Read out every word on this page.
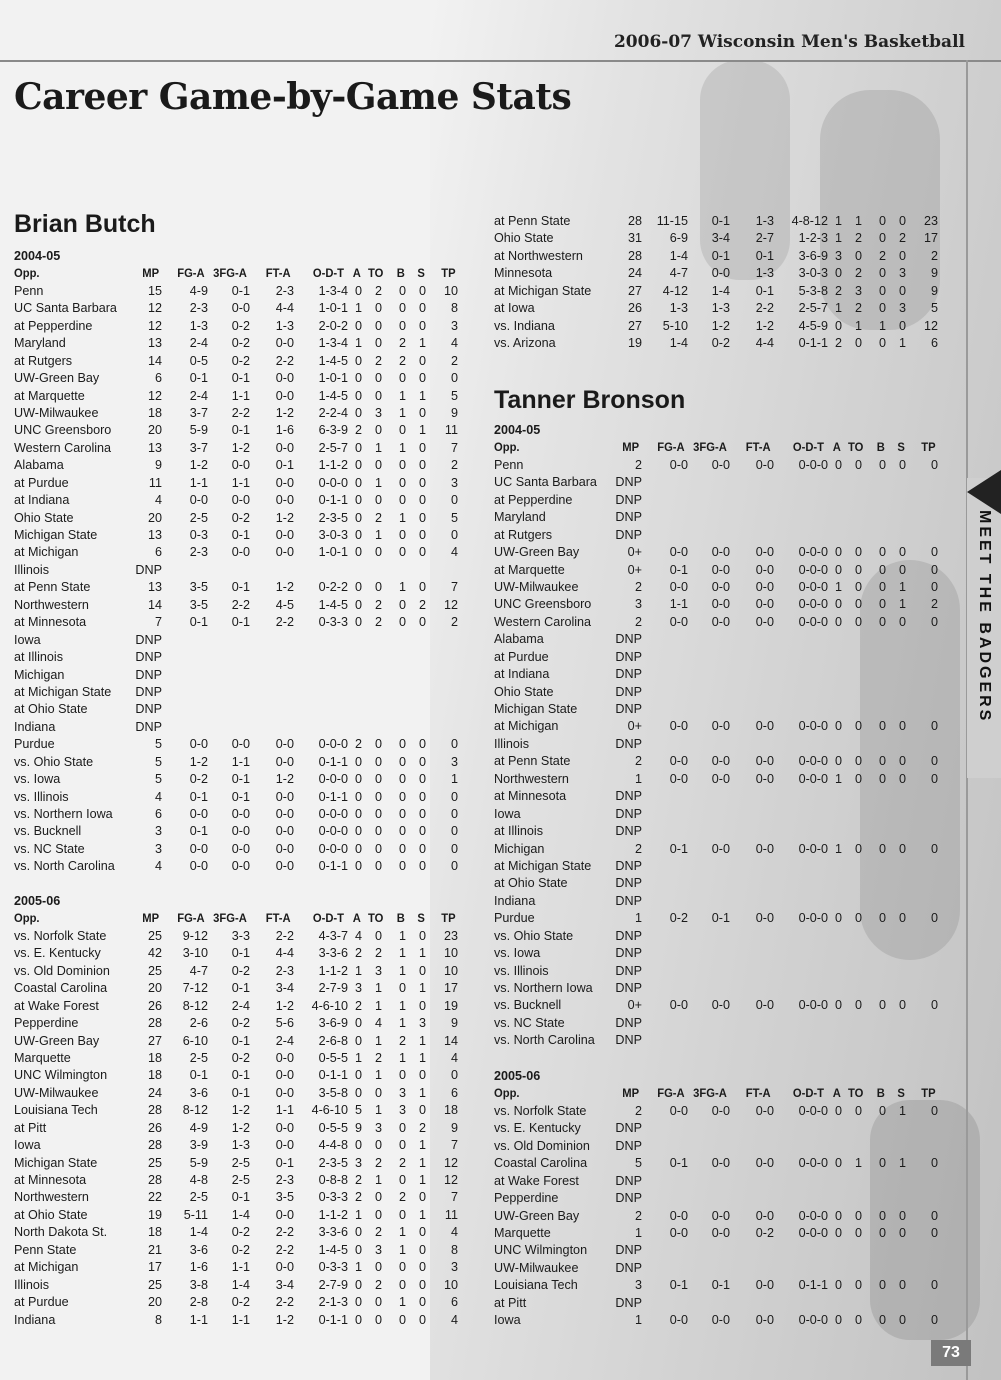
2006-07 Wisconsin Men's Basketball
Career Game-by-Game Stats
Brian Butch
Tanner Bronson
2004-05
Opp.	MP	FG-A 3FG-A	FT-A	O-D-T A TO	B	S	TP
Penn	15	4-9	0-1	2-3	1-3-4 0	2	0	0	10
UC Santa Barbara	12	2-3	0-0	4-4	1-0-1 1	0	0	0	8
at Pepperdine	12	1-3	0-2	1-3	2-0-2 0	0	0	0	3
Maryland	13	2-4	0-2	0-0	1-3-4 1	0	2	1	4
at Rutgers	14	0-5	0-2	2-2	1-4-5 0	2	2	0	2
UW-Green Bay	6	0-1	0-1	0-0	1-0-1 0	0	0	0	0
at Marquette	12	2-4	1-1	0-0	1-4-5 0	0	1	1	5
UW-Milwaukee	18	3-7	2-2	1-2	2-2-4 0	3	1	0	9
UNC Greensboro	20	5-9	0-1	1-6	6-3-9 2	0	0	1	11
Western Carolina	13	3-7	1-2	0-0	2-5-7 0	1	1	0	7
Alabama	9	1-2	0-0	0-1	1-1-2 0	0	0	0	2
at Purdue	11	1-1	1-1	0-0	0-0-0 0	1	0	0	3
at Indiana	4	0-0	0-0	0-0	0-1-1 0	0	0	0	0
Ohio State	20	2-5	0-2	1-2	2-3-5 0	2	1	0	5
Michigan State	13	0-3	0-1	0-0	3-0-3 0	1	0	0	0
at Michigan	6	2-3	0-0	0-0	1-0-1 0	0	0	0	4
Illinois	DNP
at Penn State	13	3-5	0-1	1-2	0-2-2 0	0	1	0	7
Northwestern	14	3-5	2-2	4-5	1-4-5 0	2	0	2	12
at Minnesota	7	0-1	0-1	2-2	0-3-3 0	2	0	0	2
Iowa	DNP
at Illinois	DNP
Michigan	DNP
at Michigan State	DNP
at Ohio State	DNP
Indiana	DNP
Purdue	5	0-0	0-0	0-0	0-0-0 2	0	0	0	0
vs. Ohio State	5	1-2	1-1	0-0	0-1-1 0	0	0	0	3
vs. Iowa	5	0-2	0-1	1-2	0-0-0 0	0	0	0	1
vs. Illinois	4	0-1	0-1	0-0	0-1-1 0	0	0	0	0
vs. Northern Iowa	6	0-0	0-0	0-0	0-0-0 0	0	0	0	0
vs. Bucknell	3	0-1	0-0	0-0	0-0-0 0	0	0	0	0
vs. NC State	3	0-0	0-0	0-0	0-0-0 0	0	0	0	0
vs. North Carolina	4	0-0	0-0	0-0	0-1-1 0	0	0	0	0
2005-06
Opp.	MP	FG-A 3FG-A	FT-A	O-D-T A TO	B	S	TP
vs. Norfolk State	25	9-12	3-3	2-2	4-3-7 4	0	1	0	23
vs. E. Kentucky	42	3-10	0-1	4-4	3-3-6 2	2	1	1	10
vs. Old Dominion	25	4-7	0-2	2-3	1-1-2 1	3	1	0	10
Coastal Carolina	20	7-12	0-1	3-4	2-7-9 3	1	0	1	17
at Wake Forest	26	8-12	2-4	1-2	4-6-10 2	1	1	0	19
Pepperdine	28	2-6	0-2	5-6	3-6-9 0	4	1	3	9
UW-Green Bay	27	6-10	0-1	2-4	2-6-8 0	1	2	1	14
Marquette	18	2-5	0-2	0-0	0-5-5 1	2	1	1	4
UNC Wilmington	18	0-1	0-1	0-0	0-1-1 0	1	0	0	0
UW-Milwaukee	24	3-6	0-1	0-0	3-5-8 0	0	3	1	6
Louisiana Tech	28	8-12	1-2	1-1	4-6-10 5	1	3	0	18
at Pitt	26	4-9	1-2	0-0	0-5-5 9	3	0	2	9
Iowa	28	3-9	1-3	0-0	4-4-8 0	0	0	1	7
Michigan State	25	5-9	2-5	0-1	2-3-5 3	2	2	1	12
at Minnesota	28	4-8	2-5	2-3	0-8-8 2	1	0	1	12
Northwestern	22	2-5	0-1	3-5	0-3-3 2	0	2	0	7
at Ohio State	19	5-11	1-4	0-0	1-1-2 1	0	0	1	11
North Dakota St.	18	1-4	0-2	2-2	3-3-6 0	2	1	0	4
Penn State	21	3-6	0-2	2-2	1-4-5 0	3	1	0	8
at Michigan	17	1-6	1-1	0-0	0-3-3 1	0	0	0	3
Illinois	25	3-8	1-4	3-4	2-7-9 0	2	0	0	10
at Purdue	20	2-8	0-2	2-2	2-1-3 0	0	1	0	6
Indiana	8	1-1	1-1	1-2	0-1-1 0	0	0	0	4
at Penn State	28	11-15	0-1	1-3	4-8-12 1	1	0	0	23
Ohio State	31	6-9	3-4	2-7	1-2-3 1	2	0	2	17
at Northwestern	28	1-4	0-1	0-1	3-6-9 3	0	2	0	2
Minnesota	24	4-7	0-0	1-3	3-0-3 0	2	0	3	9
at Michigan State	27	4-12	1-4	0-1	5-3-8 2	3	0	0	9
at Iowa	26	1-3	1-3	2-2	2-5-7 1	2	0	3	5
vs. Indiana	27	5-10	1-2	1-2	4-5-9 0	1	1	0	12
vs. Arizona	19	1-4	0-2	4-4	0-1-1 2	0	0	1	6
2004-05
Opp.	MP	FG-A 3FG-A	FT-A	O-D-T A TO	B	S	TP
Penn	2	0-0	0-0	0-0	0-0-0 0	0	0	0	0
UC Santa Barbara	DNP
at Pepperdine	DNP
Maryland	DNP
at Rutgers	DNP
UW-Green Bay	0+	0-0	0-0	0-0	0-0-0 0	0	0	0	0
at Marquette	0+	0-1	0-0	0-0	0-0-0 0	0	0	0	0
UW-Milwaukee	2	0-0	0-0	0-0	0-0-0 1	0	0	1	0
UNC Greensboro	3	1-1	0-0	0-0	0-0-0 0	0	0	1	2
Western Carolina	2	0-0	0-0	0-0	0-0-0 0	0	0	0	0
Alabama	DNP
at Purdue	DNP
at Indiana	DNP
Ohio State	DNP
Michigan State	DNP
at Michigan	0+	0-0	0-0	0-0	0-0-0 0	0	0	0	0
Illinois	DNP
at Penn State	2	0-0	0-0	0-0	0-0-0 0	0	0	0	0
Northwestern	1	0-0	0-0	0-0	0-0-0 1	0	0	0	0
at Minnesota	DNP
Iowa	DNP
at Illinois	DNP
Michigan	2	0-1	0-0	0-0	0-0-0 1	0	0	0	0
at Michigan State	DNP
at Ohio State	DNP
Indiana	DNP
Purdue	1	0-2	0-1	0-0	0-0-0 0	0	0	0	0
vs. Ohio State	DNP
vs. Iowa	DNP
vs. Illinois	DNP
vs. Northern Iowa	DNP
vs. Bucknell	0+	0-0	0-0	0-0	0-0-0 0	0	0	0	0
vs. NC State	DNP
vs. North Carolina	DNP
2005-06
Opp.	MP	FG-A 3FG-A	FT-A	O-D-T A TO	B	S	TP
vs. Norfolk State	2	0-0	0-0	0-0	0-0-0 0	0	0	1	0
vs. E. Kentucky	DNP
vs. Old Dominion	DNP
Coastal Carolina	5	0-1	0-0	0-0	0-0-0 0	1	0	1	0
at Wake Forest	DNP
Pepperdine	DNP
UW-Green Bay	2	0-0	0-0	0-0	0-0-0 0	0	0	0	0
Marquette	1	0-0	0-0	0-2	0-0-0 0	0	0	0	0
UNC Wilmington	DNP
UW-Milwaukee	DNP
Louisiana Tech	3	0-1	0-1	0-0	0-1-1 0	0	0	0	0
at Pitt	DNP
Iowa	1	0-0	0-0	0-0	0-0-0 0	0	0	0	0
MEET THE BADGERS
73
